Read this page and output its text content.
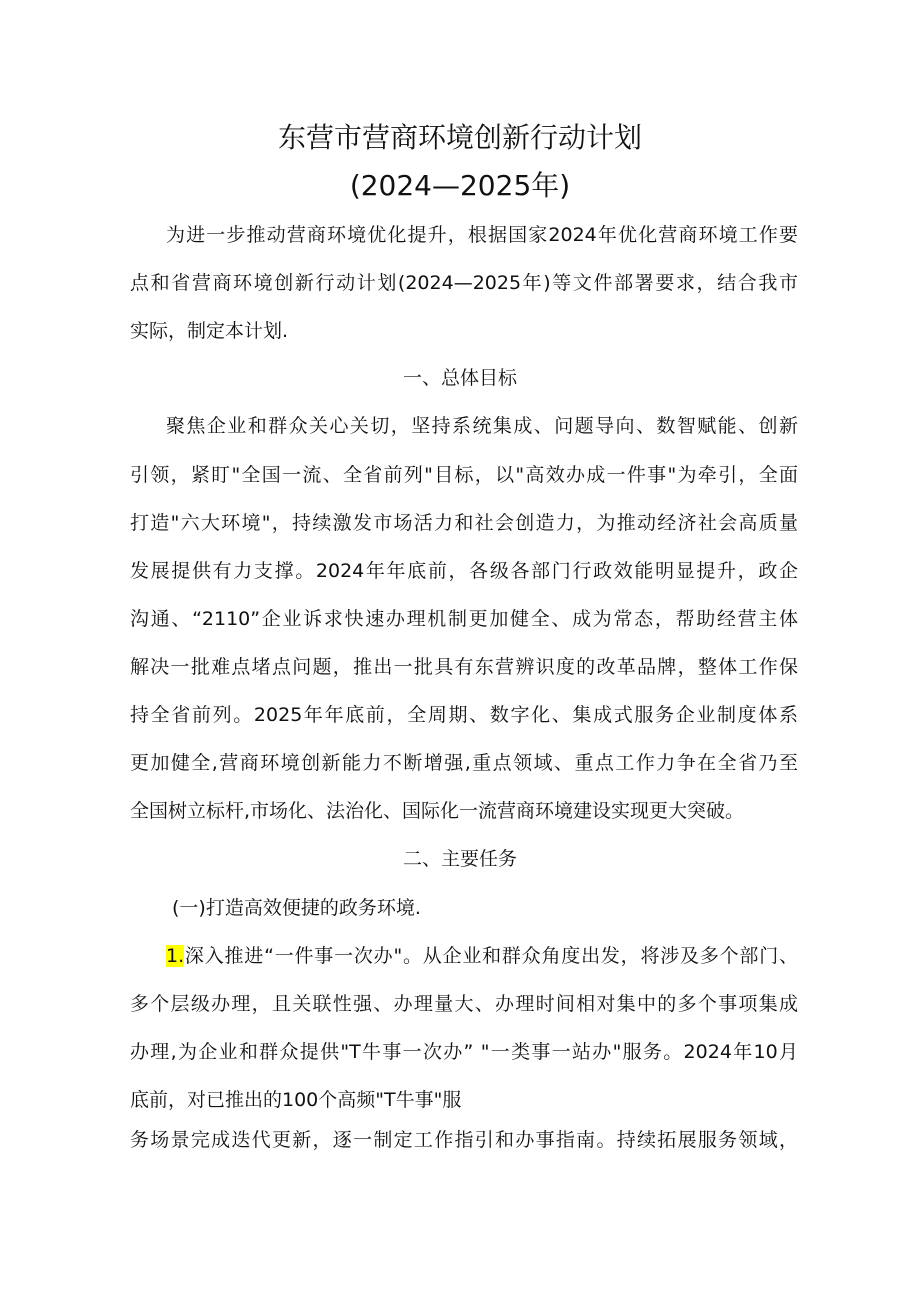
东营市营商环境创新行动计划
(2024—2025年)
为进一步推动营商环境优化提升，根据国家2024年优化营商环境工作要
点和省营商环境创新行动计划(2024—2025年)等文件部署要求，结合我市
实际，制定本计划.
一、总体目标
聚焦企业和群众关心关切，坚持系统集成、问题导向、数智赋能、创新
引领，紧盯"全国一流、全省前列"目标，以"高效办成一件事"为牵引，全面
打造"六大环境"，持续激发市场活力和社会创造力，为推动经济社会高质量
发展提供有力支撑。2024年年底前，各级各部门行政效能明显提升，政企
沟通、“2110”企业诉求快速办理机制更加健全、成为常态，帮助经营主体
解决一批难点堵点问题，推出一批具有东营辨识度的改革品牌，整体工作保
持全省前列。2025年年底前，全周期、数字化、集成式服务企业制度体系
更加健全,营商环境创新能力不断增强,重点领域、重点工作力争在全省乃至
全国树立标杆,市场化、法治化、国际化一流营商环境建设实现更大突破。
二、主要任务
(一)打造高效便捷的政务环境.
1.深入推进“一件事一次办"。从企业和群众角度出发，将涉及多个部门、
多个层级办理，且关联性强、办理量大、办理时间相对集中的多个事项集成
办理,为企业和群众提供"T牛事一次办” "一类事一站办"服务。2024年10月
底前，对已推出的100个高频"T牛事"服
务场景完成迭代更新，逐一制定工作指引和办事指南。持续拓展服务领域，
